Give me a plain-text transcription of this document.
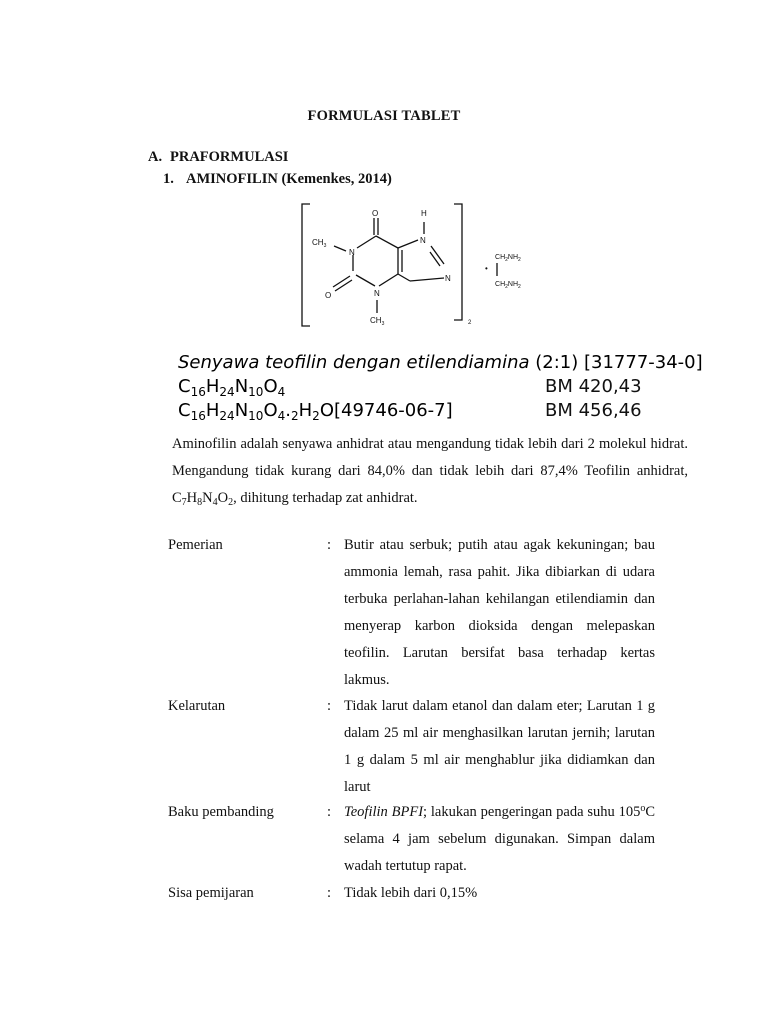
FORMULASI TABLET
A. PRAFORMULASI
1. AMINOFILIN (Kemenkes, 2014)
O	H
N
$CH_3$
N
N
O	N
$CH_3$	2
$CH_2NH_2$
•
$CH_2NH_2$
Senyawa teofilin dengan etilendiamina (2:1) [31777-34-0]
$C_{16}H_{24}N_{10}O_4$	BM 420,43
$C_{16}H_{24}N_{10}O_4._2H_2O[49746-06-7]$	BM 456,46

Aminofilin adalah senyawa anhidrat atau mengandung tidak lebih dari 2 molekul hidrat. Mengandung tidak kurang dari 84,0% dan tidak lebih dari 87,4% Teofilin anhidrat, $C_7H_8N_4O_2$, dihitung terhadap zat anhidrat.

Pemerian	: Butir atau serbuk; putih atau agak kekuningan; bau ammonia lemah, rasa pahit. Jika dibiarkan di udara terbuka perlahan-lahan kehilangan etilendiamin dan menyerap karbon dioksida dengan melepaskan teofilin. Larutan bersifat basa terhadap kertas lakmus.
Kelarutan	: Tidak larut dalam etanol dan dalam eter; Larutan 1 g dalam 25 ml air menghasilkan larutan jernih; larutan 1 g dalam 5 ml air menghablur jika didiamkan dan larut
Baku pembanding	: Teofilin BPFI; lakukan pengeringan pada suhu 105$^o$C selama 4 jam sebelum digunakan. Simpan dalam wadah tertutup rapat.

Sisa pemijaran	: Tidak lebih dari 0,15%
